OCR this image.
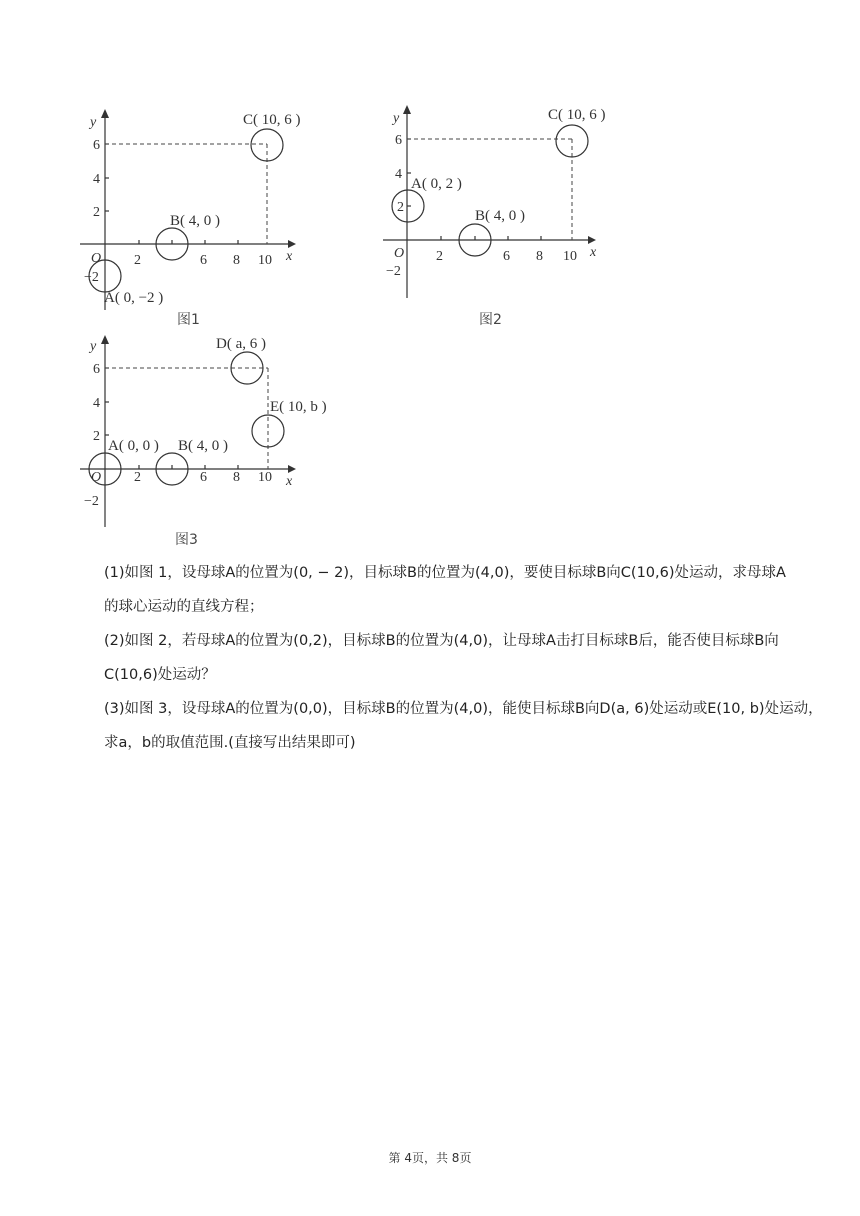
2	6 8 10
6
4
2
−2
y
x
O
C( 10, 6 )
B( 4, 0 )
A( 0, −2 )
图1
2	6 8 10
6
4
2
−2
y
x
O
C( 10, 6 )
A( 0, 2 )
B( 4, 0 )
图2
2	6 8 10
6
4
2
−2
y
x
O
D( a, 6 )
E( 10, b )
A( 0, 0 ) B( 4, 0 )
图3

(1)如图 1，设母球A的位置为(0, − 2)，目标球B的位置为(4,0)，要使目标球B向C(10,6)处运动，求母球A

的球心运动的直线方程；

(2)如图 2，若母球A的位置为(0,2)，目标球B的位置为(4,0)，让母球A击打目标球B后，能否使目标球B向

C(10,6)处运动？

(3)如图 3，设母球A的位置为(0,0)，目标球B的位置为(4,0)，能使目标球B向D(a, 6)处运动或E(10, b)处运动，

求a，b的取值范围.(直接写出结果即可)

第 4页，共 8页
